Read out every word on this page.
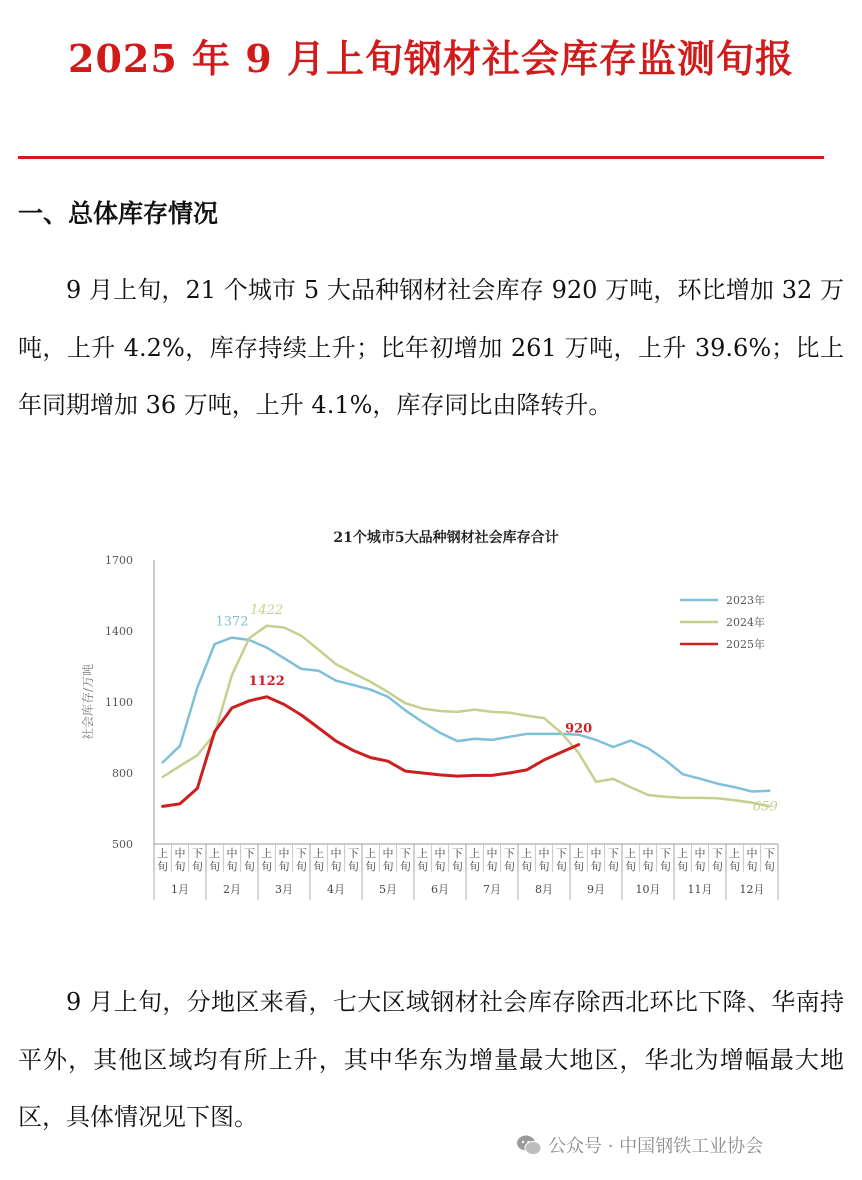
2025 年 9 月上旬钢材社会库存监测旬报
一、总体库存情况
9 月上旬，21 个城市 5 大品种钢材社会库存 920 万吨，环比增加 32 万吨，上升 4.2%，库存持续上升；比年初增加 261 万吨，上升 39.6%；比上年同期增加 36 万吨，上升 4.1%，库存同比由降转升。
21个城市5大品种钢材社会库存合计
社会库存/万吨
上旬
中旬
下旬
上旬
中旬
下旬
上旬
中旬
下旬
上旬
中旬
下旬
上旬
中旬
下旬
上旬
中旬
下旬
上旬
中旬
下旬
上旬
中旬
下旬
上旬
中旬
下旬
上旬
中旬
下旬
上旬
中旬
下旬
上旬
中旬
下旬
1月	2月	3月	4月	5月	6月	7月	8月	9月	10月 11月 12月
500
800
1100
1400
1700
1372
1422
1122
920
659
2023年
2024年
2025年
9 月上旬，分地区来看，七大区域钢材社会库存除西北环比下降、华南持平外，其他区域均有所上升，其中华东为增量最大地区，华北为增幅最大地区，具体情况见下图。
公众号 · 中国钢铁工业协会
